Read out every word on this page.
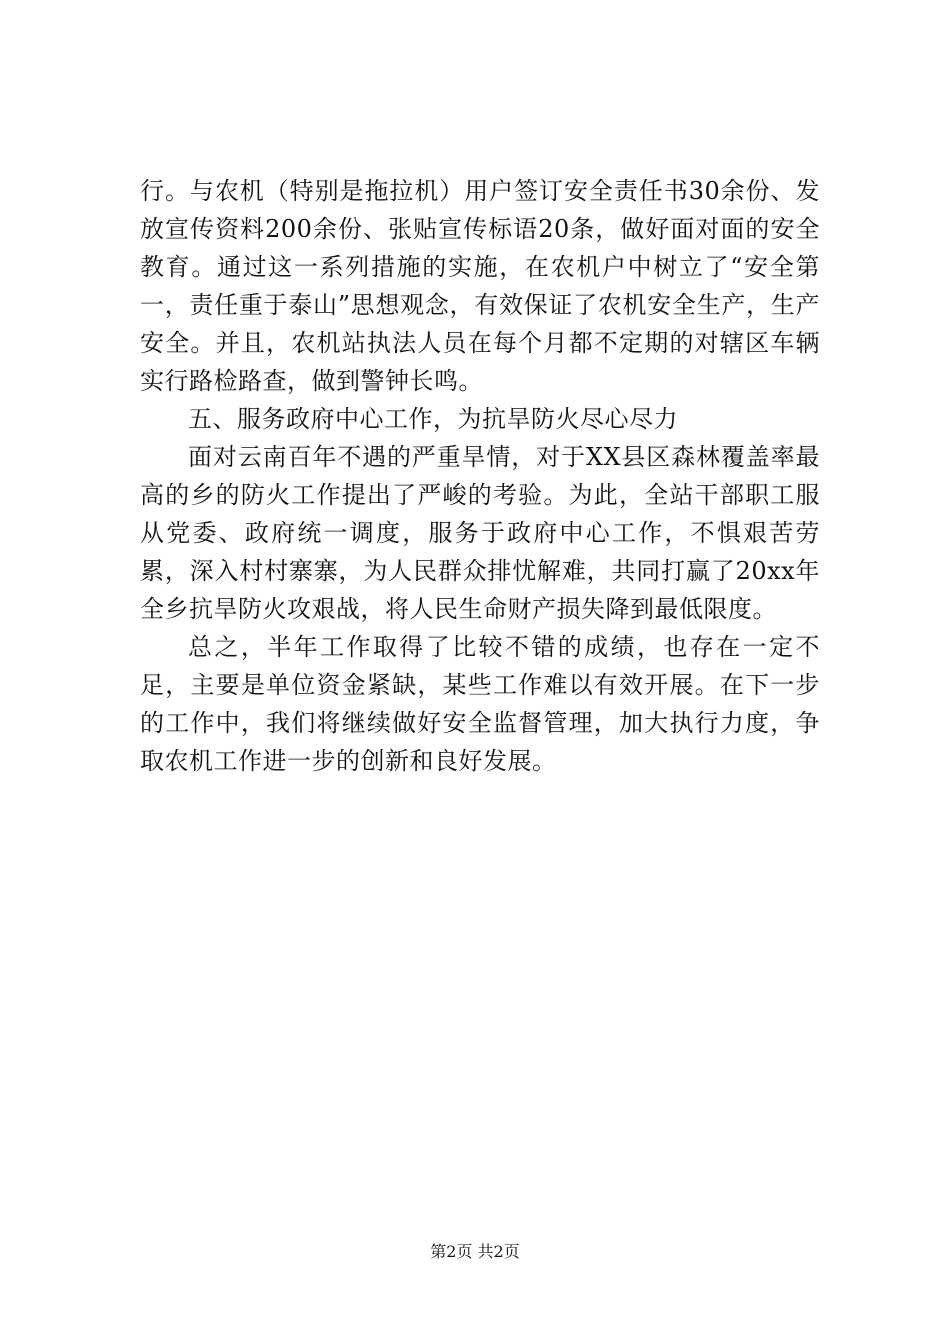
行。与农机（特别是拖拉机）用户签订安全责任书30余份、发放宣传资料200余份、张贴宣传标语20条，做好面对面的安全教育。通过这一系列措施的实施，在农机户中树立了“安全第一，责任重于泰山”思想观念，有效保证了农机安全生产，生产安全。并且，农机站执法人员在每个月都不定期的对辖区车辆实行路检路查，做到警钟长鸣。

五、服务政府中心工作，为抗旱防火尽心尽力

面对云南百年不遇的严重旱情，对于XX县区森林覆盖率最高的乡的防火工作提出了严峻的考验。为此，全站干部职工服从党委、政府统一调度，服务于政府中心工作，不惧艰苦劳累，深入村村寨寨，为人民群众排忧解难，共同打赢了20xx年全乡抗旱防火攻艰战，将人民生命财产损失降到最低限度。

总之，半年工作取得了比较不错的成绩，也存在一定不足，主要是单位资金紧缺，某些工作难以有效开展。在下一步的工作中，我们将继续做好安全监督管理，加大执行力度，争取农机工作进一步的创新和良好发展。

第2页 共2页
